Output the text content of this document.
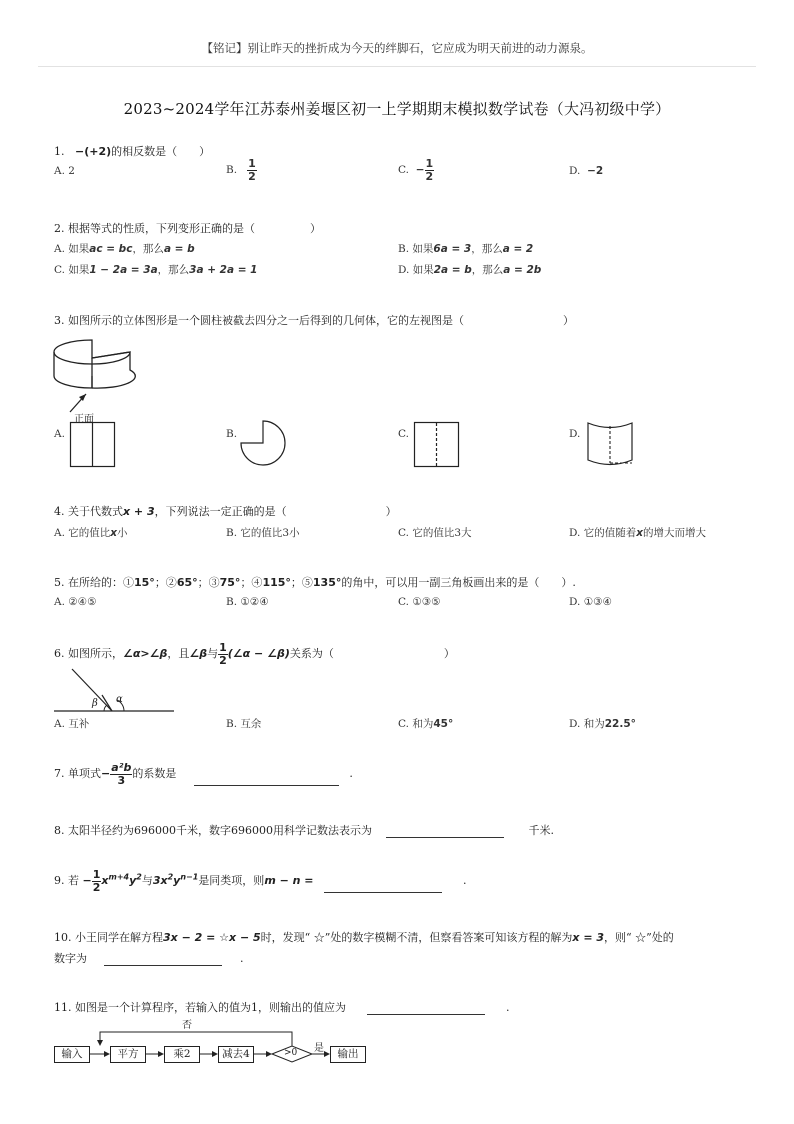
【铭记】别让昨天的挫折成为今天的绊脚石，它应成为明天前进的动力源泉。
2023~2024学年江苏泰州姜堰区初一上学期期末模拟数学试卷（大冯初级中学）
1. −(+2)的相反数是（　　）
A. 2	B. $\frac{1}{2}$	C. − $\frac{1}{2}$	D. −2
2. 根据等式的性质，下列变形正确的是（　　　　　）
A. 如果ac = bc，那么a = b	B. 如果6a = 3，那么a = 2
C. 如果1 − 2a = 3a，那么3a + 2a = 1	D. 如果2a = b，那么a = 2b
3. 如图所示的立体图形是一个圆柱被截去四分之一后得到的几何体，它的左视图是（　　　　　　　　　）
正面
A.	B.	C.	D.
4. 关于代数式x + 3，下列说法一定正确的是（　　　　　　　　　）
A. 它的值比x小	B. 它的值比3小	C. 它的值比3大	D. 它的值随着x的增大而增大
5. 在所给的：①15°；②65°；③75°；④115°；⑤135°的角中，可以用一副三角板画出来的是（　　）.
A. ②④⑤	B. ①②④	C. ①③⑤	D. ①③④
6. 如图所示，∠α>∠β，且∠β与 $\frac{1}{2}$ (∠α − ∠β)关系为（　　　　　　　　　　）
β α
A. 互补	B. 互余	C. 和为45°	D. 和为22.5°
7. 单项式− $\frac{\text{a²b}}{3}$ 的系数是	.
8. 太阳半径约为696000千米，数字696000用科学记数法表示为	千米.
9. 若 − $\frac{1}{2} x^{m+4}y^2$与$3x^2y^{n-1}$是同类项，则m − n =	.
10. 小王同学在解方程3x − 2 = ☆x − 5时，发现“ ☆”处的数字模糊不清，但察看答案可知该方程的解为x = 3，则“ ☆”处的
数字为	.
11. 如图是一个计算程序，若输入的值为1，则输出的值应为	.
否
是
输入	平方	乘2	减去4	>0	输出
